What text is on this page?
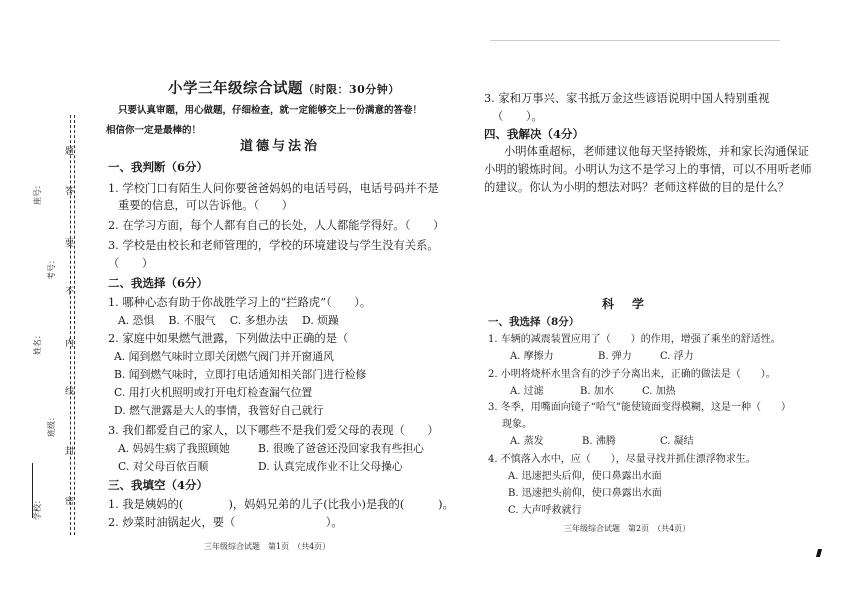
学校：
班级：
姓名：
考号：
座号：
密
封
线
内
不
要
答
题
小学三年级综合试题（时限：30分钟）
只要认真审题，用心做题，仔细检查，就一定能够交上一份满意的答卷！
相信你一定是最棒的！
道德与法治
一、我判断（6分）
1. 学校门口有陌生人问你要爸爸妈妈的电话号码，电话号码并不是
重要的信息，可以告诉他。（　　）
2. 在学习方面，每个人都有自己的长处，人人都能学得好。（　　）
3. 学校是由校长和老师管理的，学校的环境建设与学生没有关系。
（　　）
二、我选择（6分）
1. 哪种心态有助于你战胜学习上的“拦路虎”（　　）。
A. 恐惧　 B. 不服气　 C. 多想办法　 D. 烦躁
2. 家庭中如果燃气泄露，下列做法中正确的是（
A. 闻到燃气味时立即关闭燃气阀门并开窗通风
B. 闻到燃气味时，立即打电话通知相关部门进行检修
C. 用打火机照明或打开电灯检查漏气位置
D. 燃气泄露是大人的事情，我管好自己就行
3. 我们都爱自己的家人，以下哪些不是我们爱父母的表现（　　）
A. 妈妈生病了我照顾她	B. 很晚了爸爸还没回家我有些担心
C. 对父母百依百顺	D. 认真完成作业不让父母操心
三、我填空（4分）
1. 我是姨妈的(　　　　)，妈妈兄弟的儿子(比我小)是我的(　　　)。
2. 炒菜时油锅起火，要（　　　　　　　　）。
三年级综合试题　第1页　（共4页）
3. 家和万事兴、家书抵万金这些谚语说明中国人特别重视
（　　）。
四、我解决（4分）
小明体重超标，老师建议他每天坚持锻炼，并和家长沟通保证
小明的锻炼时间。小明认为这不是学习上的事情，可以不用听老师
的建议。你认为小明的想法对吗？老师这样做的目的是什么？
科　学
一、我选择（8分）
1. 车辆的减震装置应用了（　　）的作用，增强了乘坐的舒适性。
A. 摩擦力	B. 弹力	C. 浮力
2. 小明将烧杯水里含有的沙子分离出来，正确的做法是（　　）。
A. 过滤	B. 加水	C. 加热
3. 冬季，用嘴面向镜子“哈气”能使镜面变得模糊，这是一种（　　）
现象。
A. 蒸发	B. 沸腾	C. 凝结
4. 不慎落入水中，应（　　），尽量寻找并抓住漂浮物求生。
A. 迅速把头后仰，使口鼻露出水面
B. 迅速把头前仰，使口鼻露出水面
C. 大声呼救就行
三年级综合试题　第2页　（共4页）
